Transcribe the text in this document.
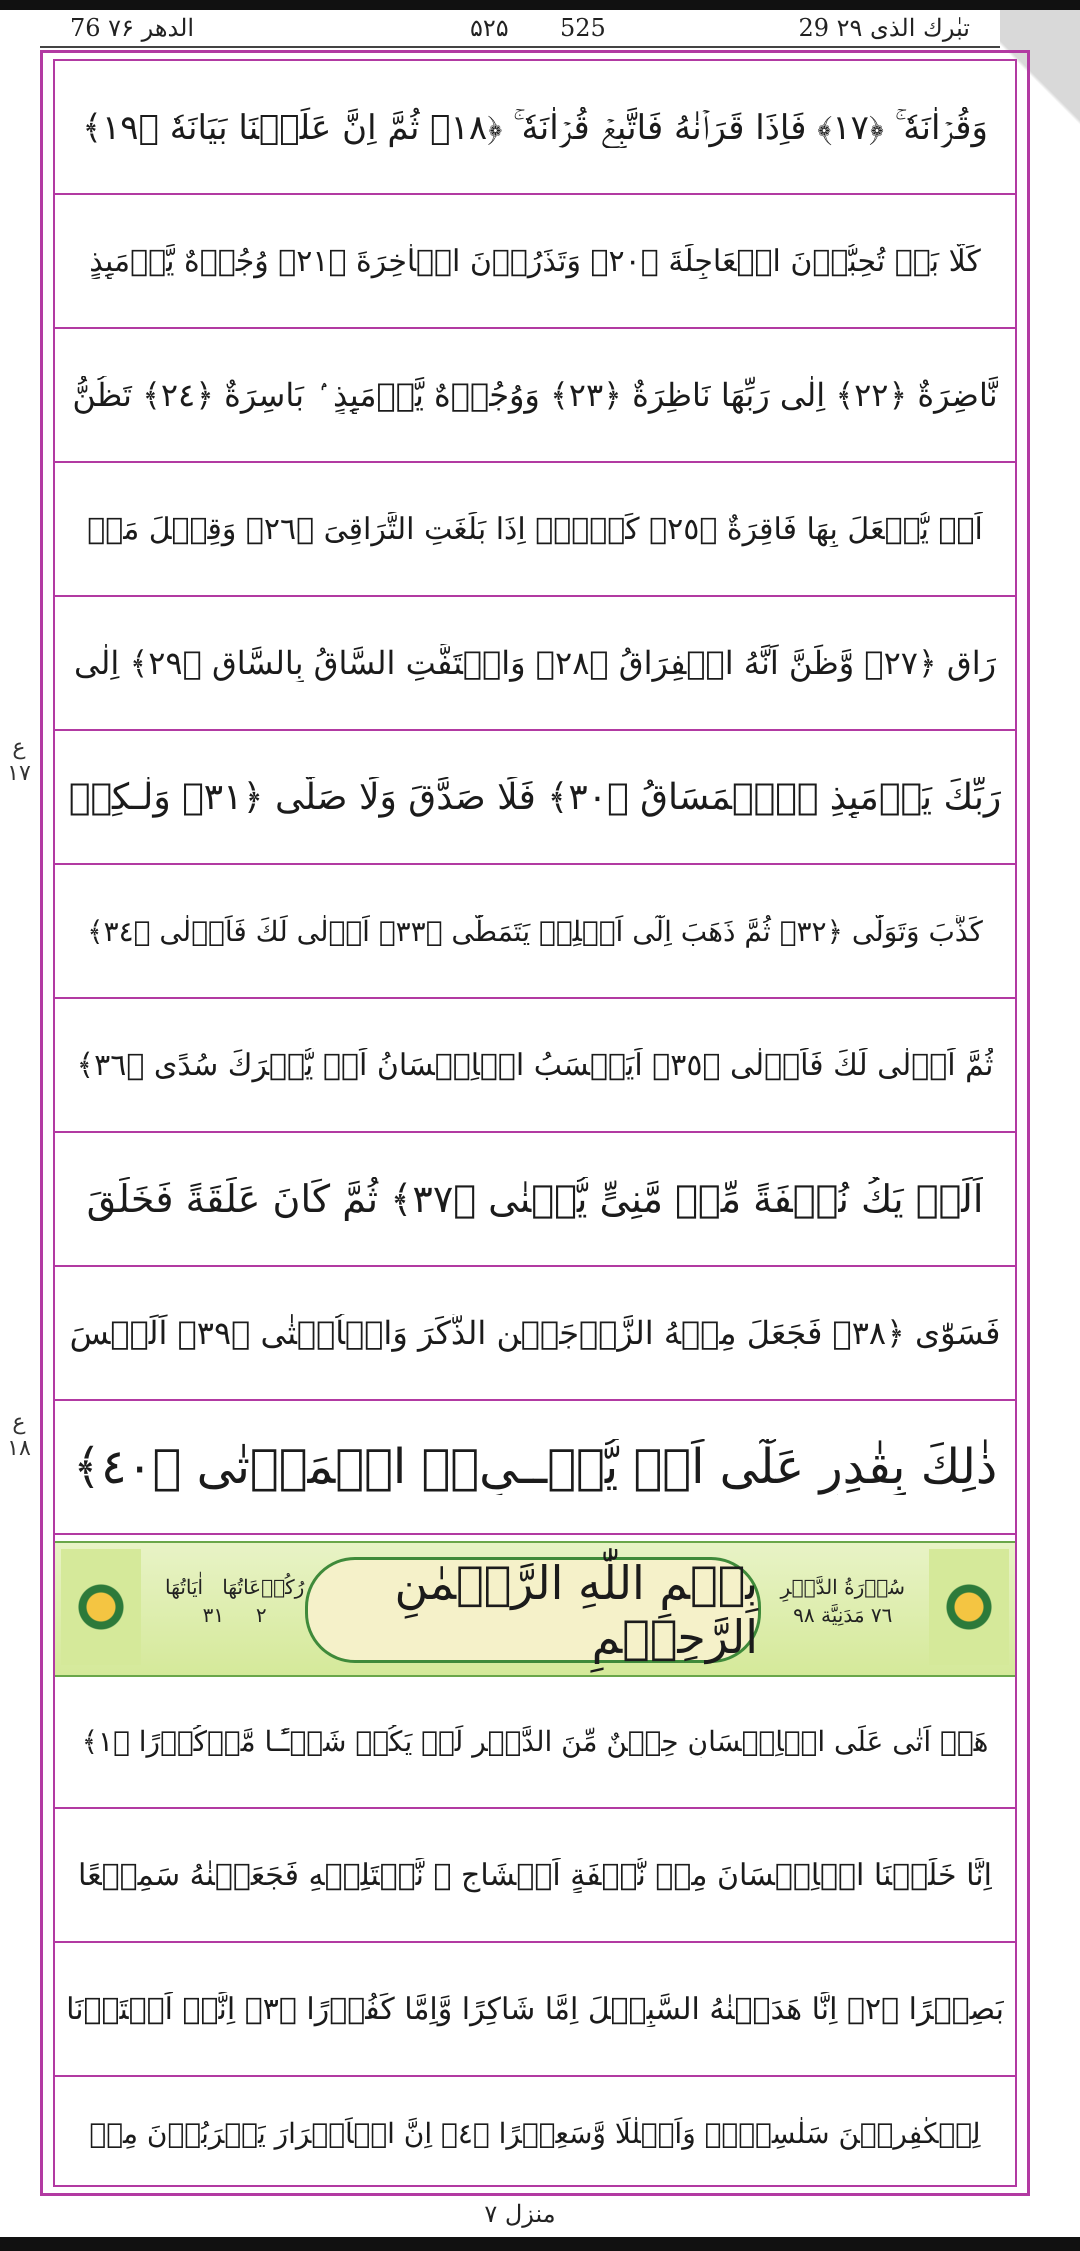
76 الدھر ۷۶	۵۲۵ 525	29 تبٰرك الذی ۲۹
ع
١٧
ع
١٨
وَقُرۡاٰنَهٗ ۚ ﴿١٧﴾ فَاِذَا قَرَاۡنٰهُ فَاتَّبِعۡ قُرۡاٰنَهٗ ۚ ﴿١٨﴾ ثُمَّ اِنَّ عَلَيۡنَا بَيَانَهٗ ﴿١٩﴾
كَلَّا بَلۡ تُحِبُّوۡنَ الۡعَاجِلَةَ ﴿٢٠﴾ وَتَذَرُوۡنَ الۡاٰخِرَةَ ﴿٢١﴾ وُجُوۡهٌ يَّوۡمَٮِٕذٍ
نَّاضِرَةٌ ﴿٢٢﴾ اِلٰى رَبِّهَا نَاظِرَةٌ ﴿٢٣﴾ وَوُجُوۡهٌ يَّوۡمَٮِٕذٍ ۢ بَاسِرَةٌ ﴿٢٤﴾ تَظُنُّ
اَنۡ يُّفۡعَلَ بِهَا فَاقِرَةٌ ﴿٢٥﴾ كَلَّاۤ اِذَا بَلَغَتِ التَّرَاقِىَ ﴿٢٦﴾ وَقِيۡلَ مَنۡ
رَاقٍ ﴿٢٧﴾ وَّظَنَّ اَنَّهُ الۡفِرَاقُ ﴿٢٨﴾ وَالۡتَفَّتِ السَّاقُ بِالسَّاقِ ﴿٢٩﴾ اِلٰى
رَبِّكَ يَوۡمَٮِٕذِ اۨلۡمَسَاقُ ﴿٣٠﴾ فَلَا صَدَّقَ وَلَا صَلّٰى ﴿٣١﴾ وَلٰـكِنۡ
كَذَّبَ وَتَوَلّٰى ﴿٣٢﴾ ثُمَّ ذَهَبَ اِلٰٓى اَهۡلِهٖ يَتَمَطّٰى ﴿٣٣﴾ اَوۡلٰى لَكَ فَاَوۡلٰى ﴿٣٤﴾
ثُمَّ اَوۡلٰى لَكَ فَاَوۡلٰى ﴿٣٥﴾ اَيَحۡسَبُ الۡاِنۡسَانُ اَنۡ يُّتۡرَكَ سُدًى ﴿٣٦﴾
اَلَمۡ يَكُ نُطۡفَةً مِّنۡ مَّنِىٍّ يُّمۡنٰى ﴿٣٧﴾ ثُمَّ كَانَ عَلَقَةً فَخَلَقَ
فَسَوّٰى ﴿٣٨﴾ فَجَعَلَ مِنۡهُ الزَّوۡجَيۡنِ الذَّكَرَ وَالۡاُنۡثٰى ﴿٣٩﴾ اَلَيۡسَ
ذٰلِكَ بِقٰدِرٍ عَلٰٓى اَنۡ يُّحۡــىِۦَ الۡمَوۡتٰى ﴿٤٠﴾
رُكُوۡعَاتُهَا   اٰيَاتُهَا
٢     ٣١
بِسۡمِ اللّٰهِ الرَّحۡمٰنِ الرَّحِيۡمِ
سُوۡرَةُ الدَّهۡرِ
٧٦ مَدَنِيَّة ٩٨
هَلۡ اَتٰى عَلَى الۡاِنۡسَانِ حِيۡنٌ مِّنَ الدَّهۡرِ لَمۡ يَكُنۡ شَيۡـًٔـا مَّذۡكُوۡرًا ﴿١﴾
اِنَّا خَلَقۡنَا الۡاِنۡسَانَ مِنۡ نُّطۡفَةٍ اَمۡشَاجٍ ۖ نَّبۡتَلِيۡهِ فَجَعَلۡنٰهُ سَمِيۡعًا
بَصِيۡرًا ﴿٢﴾ اِنَّا هَدَيۡنٰهُ السَّبِيۡلَ اِمَّا شَاكِرًا وَّاِمَّا كَفُوۡرًا ﴿٣﴾ اِنَّاۤ اَعۡتَدۡنَا
لِلۡكٰفِرِيۡنَ سَلٰسِلَا۟ وَاَغۡلٰلًا وَّسَعِيۡرًا ﴿٤﴾ اِنَّ الۡاَبۡرَارَ يَشۡرَبُوۡنَ مِنۡ
منزل ۷
